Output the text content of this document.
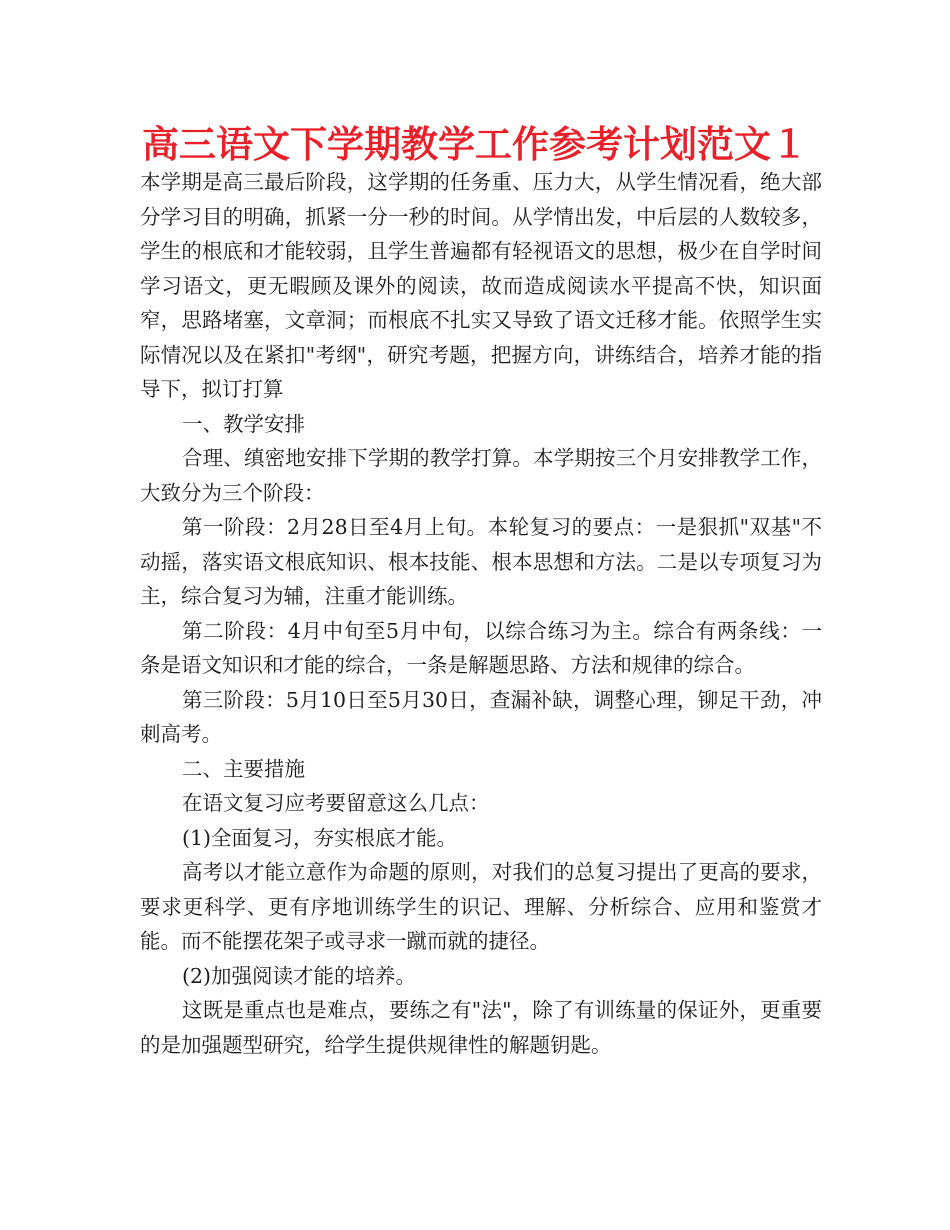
高三语文下学期教学工作参考计划范文１

本学期是高三最后阶段，这学期的任务重、压力大，从学生情况看，绝大部分学习目的明确，抓紧一分一秒的时间。从学情出发，中后层的人数较多，学生的根底和才能较弱，且学生普遍都有轻视语文的思想，极少在自学时间学习语文，更无暇顾及课外的阅读，故而造成阅读水平提高不快，知识面窄，思路堵塞，文章洞；而根底不扎实又导致了语文迁移才能。依照学生实际情况以及在紧扣"考纲"，研究考题，把握方向，讲练结合，培养才能的指导下，拟订打算

一、教学安排

合理、缜密地安排下学期的教学打算。本学期按三个月安排教学工作，大致分为三个阶段：

第一阶段：2月28日至4月上旬。本轮复习的要点：一是狠抓"双基"不动摇，落实语文根底知识、根本技能、根本思想和方法。二是以专项复习为主，综合复习为辅，注重才能训练。

第二阶段：4月中旬至5月中旬，以综合练习为主。综合有两条线：一条是语文知识和才能的综合，一条是解题思路、方法和规律的综合。

第三阶段：5月10日至5月30日，查漏补缺，调整心理，铆足干劲，冲刺高考。

二、主要措施

在语文复习应考要留意这么几点：

(1)全面复习，夯实根底才能。

高考以才能立意作为命题的原则，对我们的总复习提出了更高的要求，要求更科学、更有序地训练学生的识记、理解、分析综合、应用和鉴赏才能。而不能摆花架子或寻求一蹴而就的捷径。

(2)加强阅读才能的培养。

这既是重点也是难点，要练之有"法"，除了有训练量的保证外，更重要的是加强题型研究，给学生提供规律性的解题钥匙。
